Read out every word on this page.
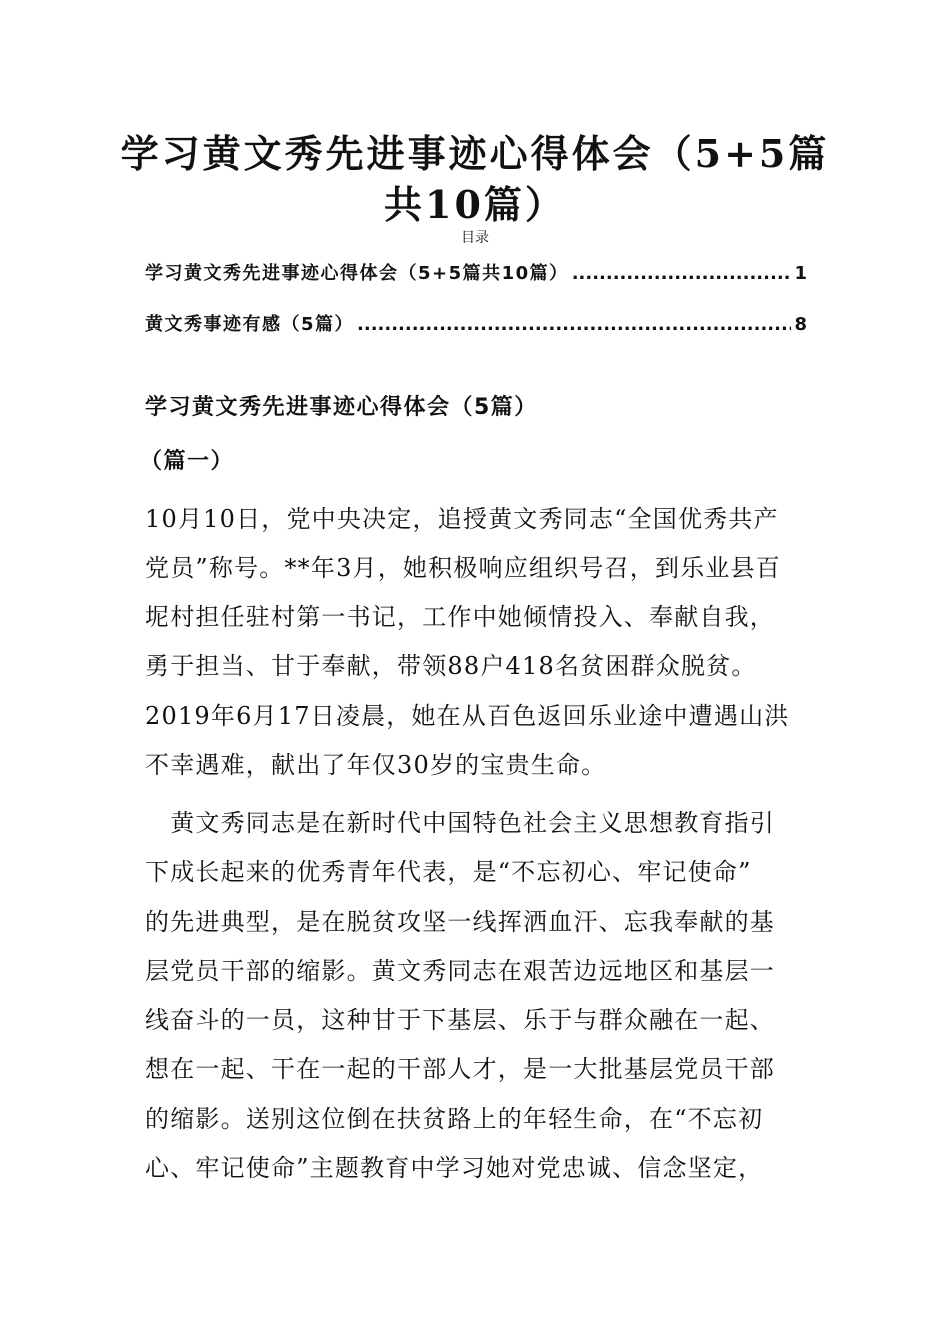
学习黄文秀先进事迹心得体会（5+5篇
共10篇）
目录
学习黄文秀先进事迹心得体会（5+5篇共10篇） .....	1
黄文秀事迹有感（5篇） .....	8
学习黄文秀先进事迹心得体会（5篇）
（篇一）

10月10日，党中央决定，追授黄文秀同志“全国优秀共产

党员”称号。**年3月，她积极响应组织号召，到乐业县百

坭村担任驻村第一书记，工作中她倾情投入、奉献自我，

勇于担当、甘于奉献，带领88户418名贫困群众脱贫。

2019年6月17日凌晨，她在从百色返回乐业途中遭遇山洪

不幸遇难，献出了年仅30岁的宝贵生命。

　黄文秀同志是在新时代中国特色社会主义思想教育指引

下成长起来的优秀青年代表，是“不忘初心、牢记使命”

的先进典型，是在脱贫攻坚一线挥洒血汗、忘我奉献的基

层党员干部的缩影。黄文秀同志在艰苦边远地区和基层一

线奋斗的一员，这种甘于下基层、乐于与群众融在一起、

想在一起、干在一起的干部人才，是一大批基层党员干部

的缩影。送别这位倒在扶贫路上的年轻生命，在“不忘初

心、牢记使命”主题教育中学习她对党忠诚、信念坚定，
